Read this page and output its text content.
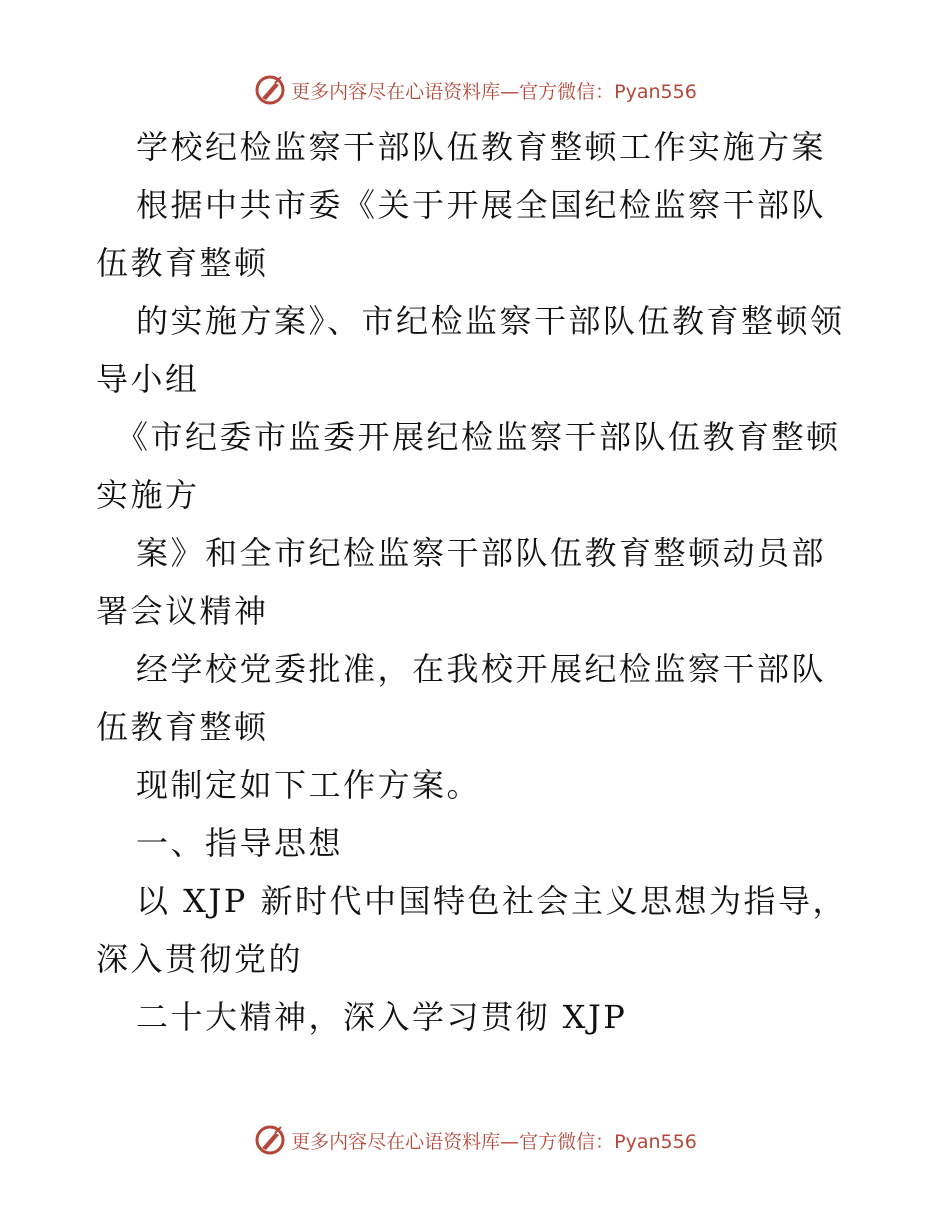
更多内容尽在心语资料库—官方微信：Pyan556

学校纪检监察干部队伍教育整顿工作实施方案

根据中共市委《关于开展全国纪检监察干部队伍教育整顿

的实施方案》、市纪检监察干部队伍教育整顿领导小组

《市纪委市监委开展纪检监察干部队伍教育整顿实施方

案》和全市纪检监察干部队伍教育整顿动员部署会议精神

经学校党委批准，在我校开展纪检监察干部队伍教育整顿

现制定如下工作方案。

一、指导思想

以 XJP 新时代中国特色社会主义思想为指导，深入贯彻党的

二十大精神，深入学习贯彻 XJP

更多内容尽在心语资料库—官方微信：Pyan556
